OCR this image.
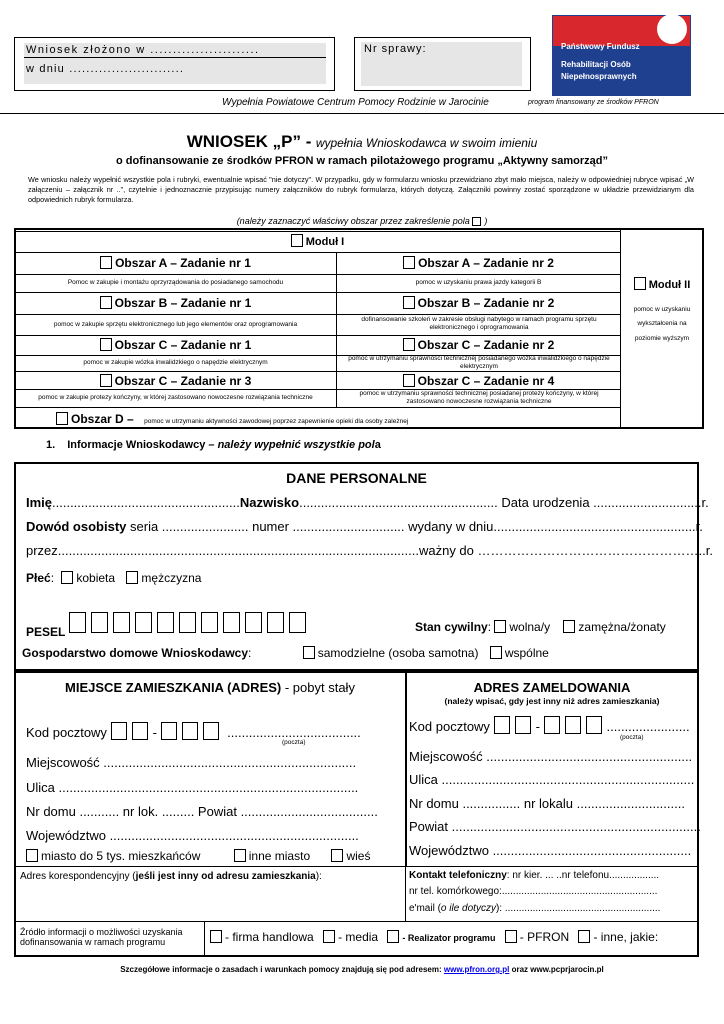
Wniosek złożono w ........................
w dniu ...........................
Nr sprawy:	Państwowy Fundusz
Rehabilitacji Osób
Niepełnosprawnych
Wypełnia Powiatowe Centrum Pomocy Rodzinie w Jarocinie	program finansowany ze środków PFRON
WNIOSEK „P” - wypełnia Wnioskodawca w swoim imieniu
o dofinansowanie ze środków PFRON w ramach pilotażowego programu „Aktywny samorząd”
We wniosku należy wypełnić wszystkie pola i rubryki, ewentualnie wpisać "nie dotyczy". W przypadku, gdy w formularzu wniosku przewidziano zbyt mało miejsca, należy w odpowiedniej rubryce wpisać „W załączeniu – załącznik nr ..”, czytelnie i jednoznacznie przypisując numery załączników do rubryk formularza, których dotyczą. Załączniki powinny zostać sporządzone w układzie przewidzianym dla odpowiednich rubryk formularza.
(należy zaznaczyć właściwy obszar przez zakreślenie pola )
Moduł I
Obszar A – Zadanie nr 1
Pomoc w zakupie i montażu oprzyrządowania do posiadanego samochodu
Obszar A – Zadanie nr 2
pomoc w uzyskaniu prawa jazdy kategorii B
Obszar B – Zadanie nr 1
pomoc w zakupie sprzętu elektronicznego lub jego elementów oraz oprogramowania
Obszar B – Zadanie nr 2
dofinansowanie szkoleń w zakresie obsługi nabytego w ramach programu sprzętu elektronicznego i oprogramowania
Obszar C – Zadanie nr 1
pomoc w zakupie wózka inwalidzkiego o napędzie elektrycznym
Obszar C – Zadanie nr 2
pomoc w utrzymaniu sprawności technicznej posiadanego wózka inwalidzkiego o napędzie elektrycznym
Obszar C – Zadanie nr 3
pomoc w zakupie protezy kończyny, w której zastosowano nowoczesne rozwiązania techniczne
Obszar C – Zadanie nr 4
pomoc w utrzymaniu sprawności technicznej posiadanej protezy kończyny, w której zastosowano nowoczesne rozwiązania techniczne
Obszar D – pomoc w utrzymaniu aktywności zawodowej poprzez zapewnienie opieki dla osoby zależnej
Moduł II
pomoc w uzyskaniu
wykształcenia na
poziomie wyższym
1. Informacje Wnioskodawcy – należy wypełnić wszystkie pola
DANE PERSONALNE
Imię....................................................Nazwisko....................................................... Data urodzenia ..............................r.
Dowód osobisty seria ........................ numer ............................... wydany w dniu........................................................r.
przez....................................................................................................ważny do ……………………………………………..r.
Płeć: kobieta mężczyzna
PESEL	Stan cywilny: wolna/y zamężna/żonaty
Gospodarstwo domowe Wnioskodawcy:	samodzielne (osoba samotna) wspólne
MIEJSCE ZAMIESZKANIA (ADRES) - pobyt stały
Kod pocztowy	-	.....................................
(poczta)
Miejscowość ......................................................................
Ulica ...................................................................................
Nr domu ........... nr lok. ......... Powiat ......................................
Województwo .....................................................................
miasto do 5 tys. mieszkańców	inne miasto	wieś
Adres korespondencyjny (jeśli jest inny od adresu zamieszkania):
ADRES ZAMELDOWANIA
(należy wpisać, gdy jest inny niż adres zamieszkania)
Kod pocztowy	-	.......................
(poczta)
Miejscowość .........................................................
Ulica ......................................................................
Nr domu ................ nr lokalu ..............................
Powiat .....................................................................
Województwo .......................................................
Kontakt telefoniczny: nr kier. ... ..nr telefonu..................
nr tel. komórkowego:........................................................
e'mail (o ile dotyczy): ........................................................
Źródło informacji o możliwości uzyskania dofinansowania w ramach programu	- firma handlowa - media	- Realizator programu - PFRON - inne, jakie:
Szczegółowe informacje o zasadach i warunkach pomocy znajdują się pod adresem: www.pfron.org.pl oraz www.pcprjarocin.pl
